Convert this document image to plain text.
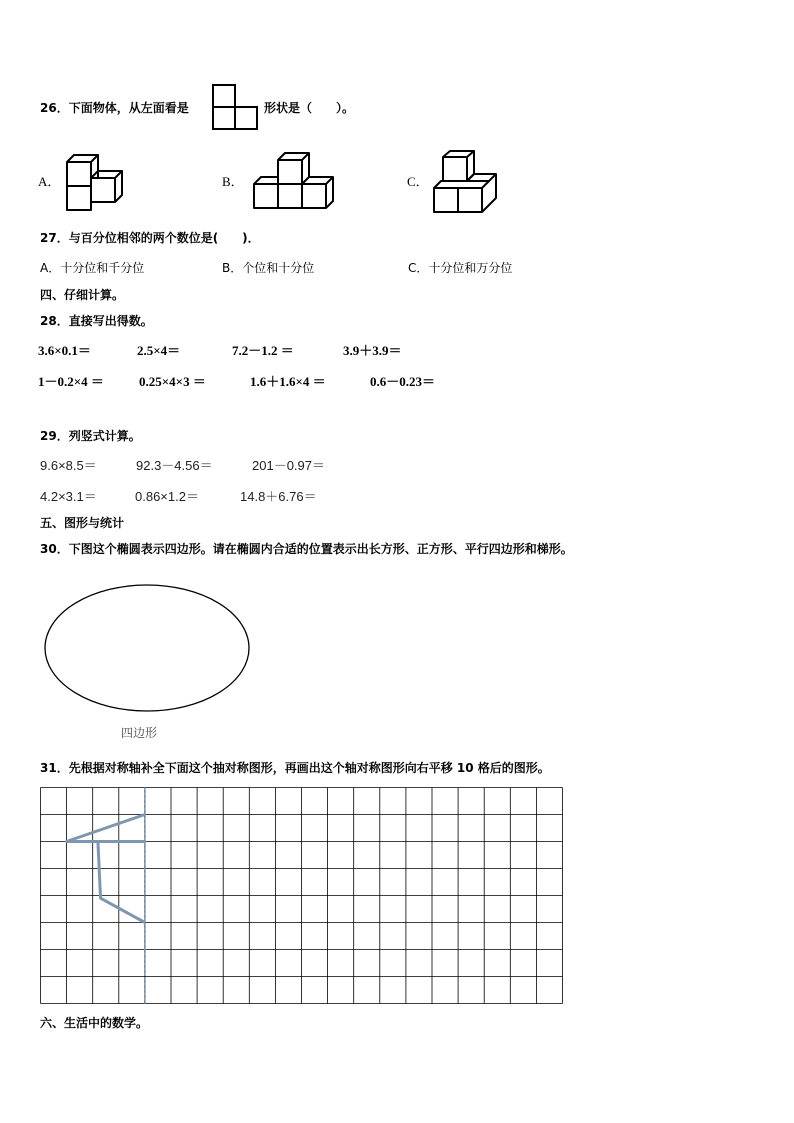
26．下面物体，从左面看是	形状是（　　）。
A．	B．	C．
27．与百分位相邻的两个数位是(　　)．
A．十分位和千分位	B．个位和十分位	C．十分位和万分位
四、仔细计算。
28．直接写出得数。
3.6×0.1＝	2.5×4＝	7.2－1.2 ＝	3.9＋3.9＝
1－0.2×4 ＝	0.25×4×3 ＝	1.6＋1.6×4 ＝	0.6－0.23＝
29．列竖式计算。
9.6×8.5＝	92.3－4.56＝	201－0.97＝
4.2×3.1＝	0.86×1.2＝	14.8＋6.76＝
五、图形与统计
30．下图这个椭圆表示四边形。请在椭圆内合适的位置表示出长方形、正方形、平行四边形和梯形。
四边形
31．先根据对称轴补全下面这个抽对称图形，再画出这个轴对称图形向右平移 10 格后的图形。
六、生活中的数学。
